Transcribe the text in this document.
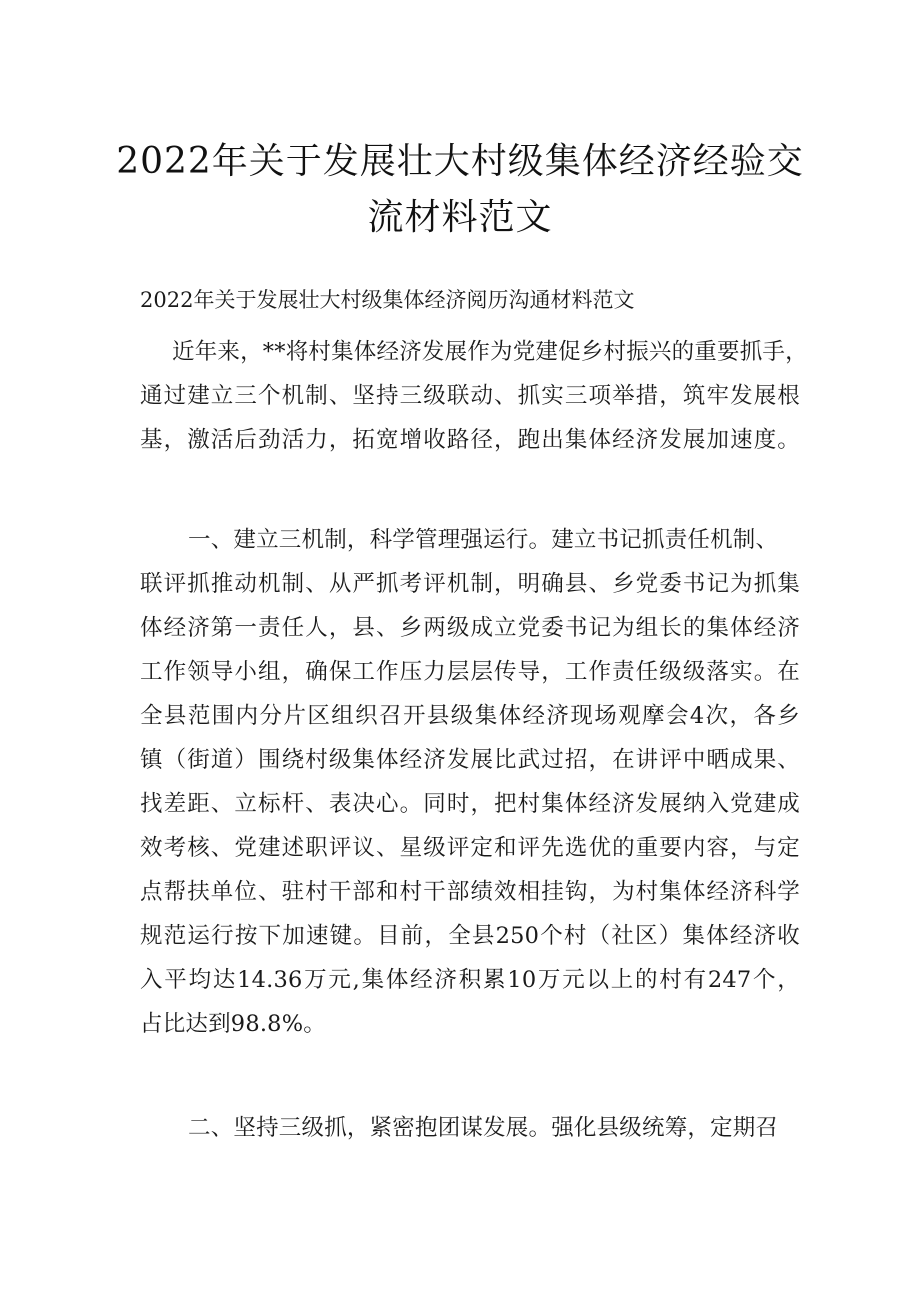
2022年关于发展壮大村级集体经济经验交
流材料范文
2022年关于发展壮大村级集体经济阅历沟通材料范文
近年来，**将村集体经济发展作为党建促乡村振兴的重要抓手，
通过建立三个机制、坚持三级联动、抓实三项举措，筑牢发展根
基，激活后劲活力，拓宽增收路径，跑出集体经济发展加速度。
一、建立三机制，科学管理强运行。建立书记抓责任机制、
联评抓推动机制、从严抓考评机制，明确县、乡党委书记为抓集
体经济第一责任人，县、乡两级成立党委书记为组长的集体经济
工作领导小组，确保工作压力层层传导，工作责任级级落实。在
全县范围内分片区组织召开县级集体经济现场观摩会4次，各乡
镇（街道）围绕村级集体经济发展比武过招，在讲评中晒成果、
找差距、立标杆、表决心。同时，把村集体经济发展纳入党建成
效考核、党建述职评议、星级评定和评先选优的重要内容，与定
点帮扶单位、驻村干部和村干部绩效相挂钩，为村集体经济科学
规范运行按下加速键。目前，全县250个村（社区）集体经济收
入平均达14.36万元,集体经济积累10万元以上的村有247个，
占比达到98.8%。
二、坚持三级抓，紧密抱团谋发展。强化县级统筹，定期召
